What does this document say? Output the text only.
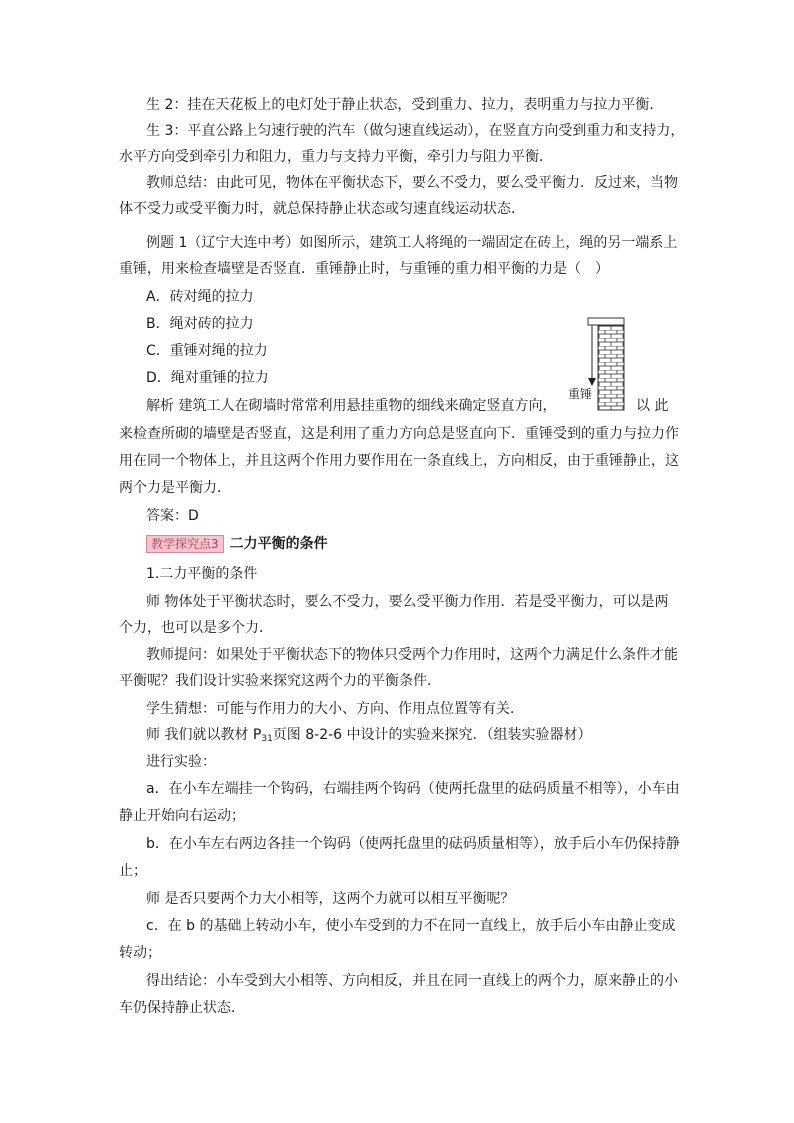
生 2：挂在天花板上的电灯处于静止状态，受到重力、拉力，表明重力与拉力平衡．
生 3：平直公路上匀速行驶的汽车（做匀速直线运动），在竖直方向受到重力和支持力，
水平方向受到牵引力和阻力，重力与支持力平衡，牵引力与阻力平衡．
教师总结：由此可见，物体在平衡状态下，要么不受力，要么受平衡力．反过来，当物
体不受力或受平衡力时，就总保持静止状态或匀速直线运动状态．
例题 1（辽宁大连中考）如图所示，建筑工人将绳的一端固定在砖上，绳的另一端系上
重锤，用来检查墙壁是否竖直．重锤静止时，与重锤的重力相平衡的力是（　）
A．砖对绳的拉力
B．绳对砖的拉力
C．重锤对绳的拉力
D．绳对重锤的拉力
解析 建筑工人在砌墙时常常利用悬挂重物的细线来确定竖直方向，	以 此
来检查所砌的墙壁是否竖直，这是利用了重力方向总是竖直向下．重锤受到的重力与拉力作
用在同一个物体上，并且这两个作用力要作用在一条直线上，方向相反，由于重锤静止，这
两个力是平衡力．
答案：D
教学探究点3 二力平衡的条件
1.二力平衡的条件
师 物体处于平衡状态时，要么不受力，要么受平衡力作用．若是受平衡力，可以是两
个力，也可以是多个力．
教师提问：如果处于平衡状态下的物体只受两个力作用时，这两个力满足什么条件才能
平衡呢？我们设计实验来探究这两个力的平衡条件．
学生猜想：可能与作用力的大小、方向、作用点位置等有关．
师 我们就以教材 $P_{31}$页图 8-2-6 中设计的实验来探究．（组装实验器材）
进行实验：
a．在小车左端挂一个钩码，右端挂两个钩码（使两托盘里的砝码质量不相等），小车由
静止开始向右运动；
b．在小车左右两边各挂一个钩码（使两托盘里的砝码质量相等），放手后小车仍保持静
止；
师 是否只要两个力大小相等，这两个力就可以相互平衡呢？
c．在 b 的基础上转动小车，使小车受到的力不在同一直线上，放手后小车由静止变成
转动；
得出结论：小车受到大小相等、方向相反，并且在同一直线上的两个力，原来静止的小
车仍保持静止状态．
重锤
